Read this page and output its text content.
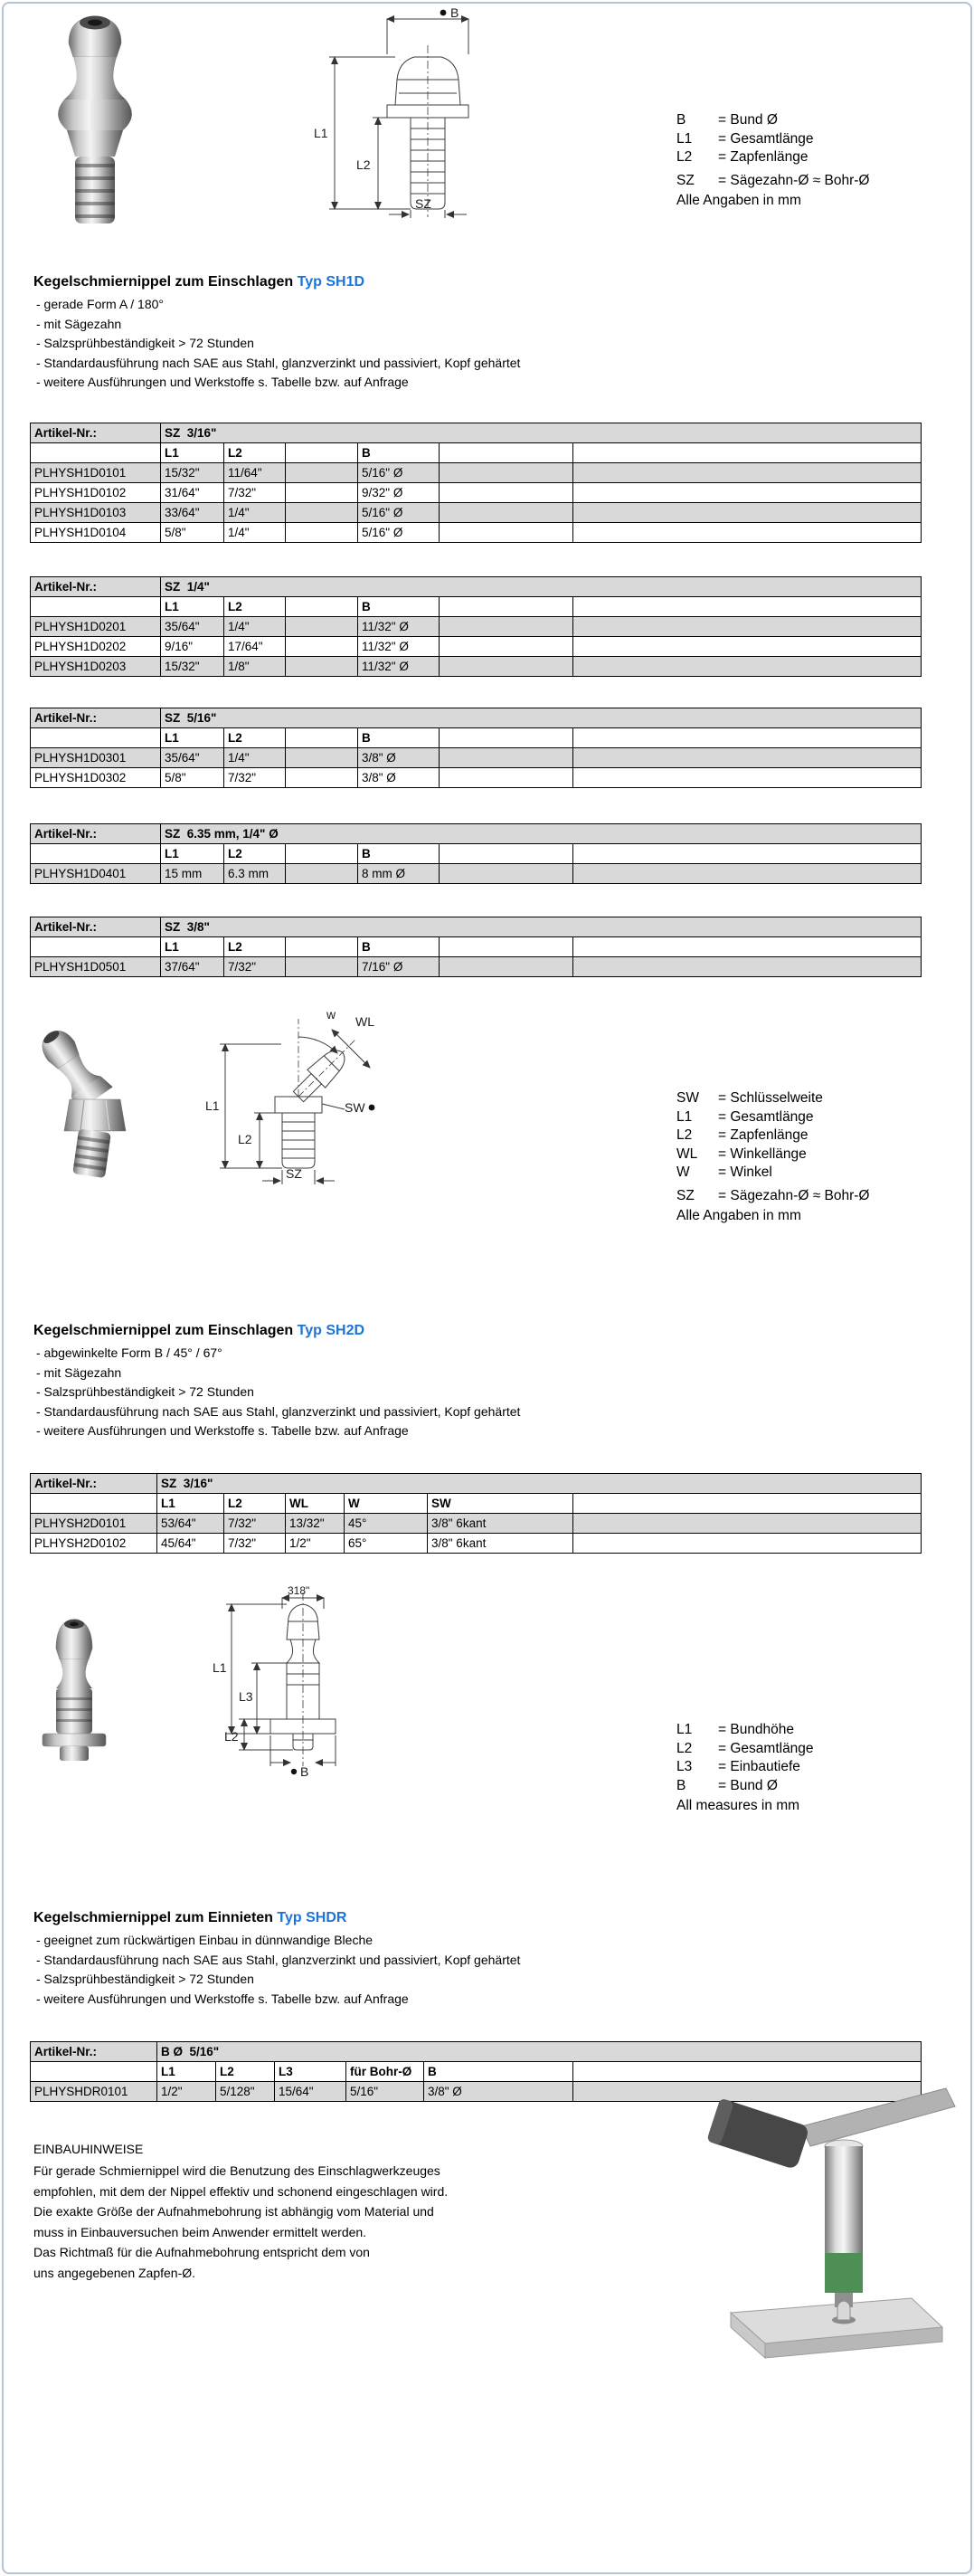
B
L1
L2
SZ
B	= Bund Ø
L1	= Gesamtlänge
L2	= Zapfenlänge
SZ	= Sägezahn-Ø ≈ Bohr-Ø
Alle Angaben in mm
Kegelschmiernippel zum Einschlagen Typ SH1D
- gerade Form A / 180°
- mit Sägezahn
- Salzsprühbeständigkeit > 72 Stunden
- Standardausführung nach SAE aus Stahl, glanzverzinkt und passiviert, Kopf gehärtet
- weitere Ausführungen und Werkstoffe s. Tabelle bzw. auf Anfrage
Artikel-Nr.:	SZ  3/16"					
	L1	L2		B		
PLHYSH1D0101	15/32"	11/64"		5/16" Ø		
PLHYSH1D0102	31/64"	7/32"		9/32" Ø		
PLHYSH1D0103	33/64"	1/4"		5/16" Ø		
PLHYSH1D0104	5/8"	1/4"		5/16" Ø		
Artikel-Nr.:	SZ  1/4"					
	L1	L2		B		
PLHYSH1D0201	35/64"	1/4"		11/32" Ø		
PLHYSH1D0202	9/16"	17/64"		11/32" Ø		
PLHYSH1D0203	15/32"	1/8"		11/32" Ø		
Artikel-Nr.:	SZ  5/16"					
	L1	L2		B		
PLHYSH1D0301	35/64"	1/4"		3/8" Ø		
PLHYSH1D0302	5/8"	7/32"		3/8" Ø		
Artikel-Nr.:	SZ  6.35 mm, 1/4" Ø					
	L1	L2		B		
PLHYSH1D0401	15 mm	6.3 mm		8 mm Ø		
Artikel-Nr.:	SZ  3/8"					
	L1	L2		B		
PLHYSH1D0501	37/64"	7/32"		7/16" Ø		
w WL
L1
L2
SW
SZ
SW	= Schlüsselweite
L1	= Gesamtlänge
L2	= Zapfenlänge
WL	= Winkellänge
W	= Winkel
SZ	= Sägezahn-Ø ≈ Bohr-Ø
Alle Angaben in mm
Kegelschmiernippel zum Einschlagen Typ SH2D
- abgewinkelte Form B / 45° / 67°
- mit Sägezahn
- Salzsprühbeständigkeit > 72 Stunden
- Standardausführung nach SAE aus Stahl, glanzverzinkt und passiviert, Kopf gehärtet
- weitere Ausführungen und Werkstoffe s. Tabelle bzw. auf Anfrage
Artikel-Nr.:	SZ  3/16"					
	L1	L2	WL	W	SW	
PLHYSH2D0101	53/64"	7/32"	13/32"	45°	3/8" 6kant	
PLHYSH2D0102	45/64"	7/32"	1/2"	65°	3/8" 6kant	
318"
L1
L3
L2
B
L1	= Bundhöhe
L2	= Gesamtlänge
L3	= Einbautiefe
B	= Bund Ø
All measures in mm
Kegelschmiernippel zum Einnieten Typ SHDR
- geeignet zum rückwärtigen Einbau in dünnwandige Bleche
- Standardausführung nach SAE aus Stahl, glanzverzinkt und passiviert, Kopf gehärtet
- Salzsprühbeständigkeit > 72 Stunden
- weitere Ausführungen und Werkstoffe s. Tabelle bzw. auf Anfrage
Artikel-Nr.:	B Ø  5/16"					
	L1	L2	L3	für Bohr-Ø	B	
PLHYSHDR0101	1/2"	5/128"	15/64"	5/16"	3/8" Ø	
EINBAUHINWEISE
Für gerade Schmiernippel wird die Benutzung des Einschlagwerkzeuges
empfohlen, mit dem der Nippel effektiv und schonend eingeschlagen wird.
Die exakte Größe der Aufnahmebohrung ist abhängig vom Material und
muss in Einbauversuchen beim Anwender ermittelt werden.
Das Richtmaß für die Aufnahmebohrung entspricht dem von
uns angegebenen Zapfen-Ø.
